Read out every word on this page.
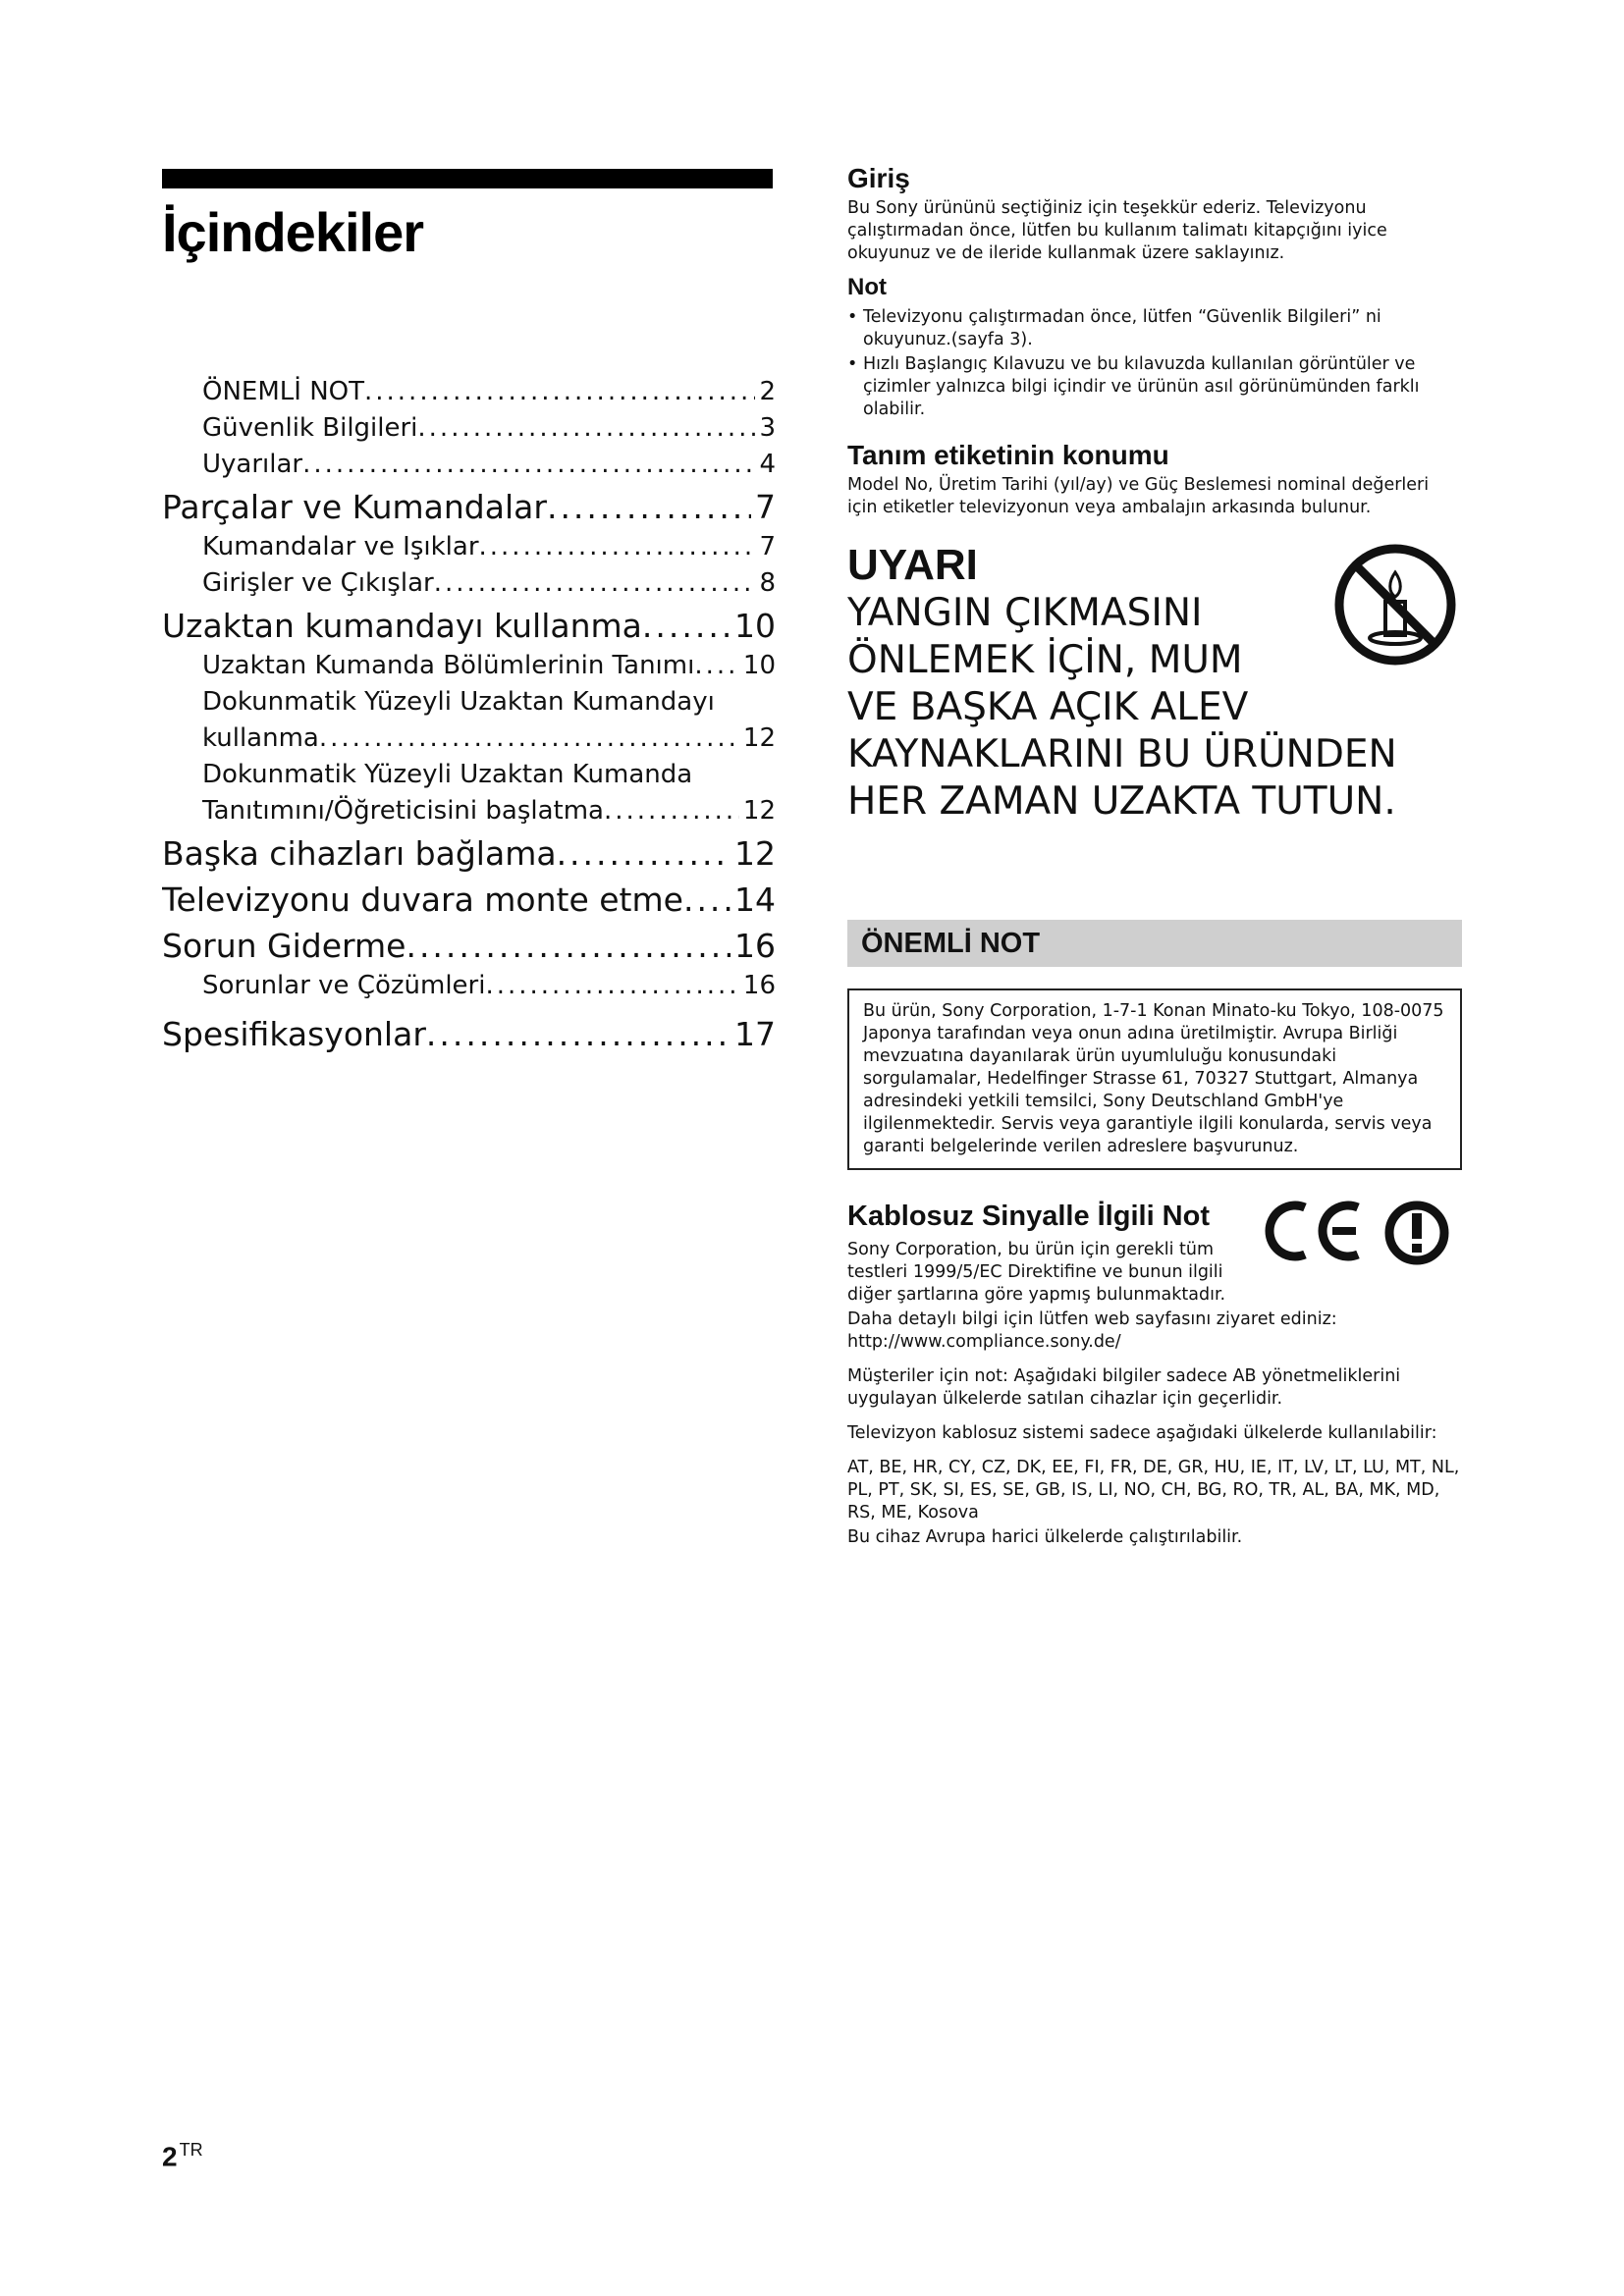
İçindekiler
ÖNEMLİ NOT .....	2
Güvenlik Bilgileri .....	3
Uyarılar .....	4
Parçalar ve Kumandalar .....	7
Kumandalar ve Işıklar .....	7
Girişler ve Çıkışlar .....	8
Uzaktan kumandayı kullanma .....	10
Uzaktan Kumanda Bölümlerinin Tanımı ..... 10
Dokunmatik Yüzeyli Uzaktan Kumandayı
kullanma .....	12
Dokunmatik Yüzeyli Uzaktan Kumanda
Tanıtımını/Öğreticisini başlatma .....	12
Başka cihazları bağlama .....	12
Televizyonu duvara monte etme ..... 14
Sorun Giderme .....	16
Sorunlar ve Çözümleri .....	16
Spesifikasyonlar .....	17
Giriş
Bu Sony ürününü seçtiğiniz için teşekkür ederiz. Televizyonu çalıştırmadan önce, lütfen bu kullanım talimatı kitapçığını iyice okuyunuz ve de ileride kullanmak üzere saklayınız.
Not
• Televizyonu çalıştırmadan önce, lütfen “Güvenlik Bilgileri” ni okuyunuz.(sayfa 3).
• Hızlı Başlangıç Kılavuzu ve bu kılavuzda kullanılan görüntüler ve çizimler yalnızca bilgi içindir ve ürünün asıl görünümünden farklı olabilir.
Tanım etiketinin konumu
Model No, Üretim Tarihi (yıl/ay) ve Güç Beslemesi nominal değerleri için etiketler televizyonun veya ambalajın arkasında bulunur.
UYARI
YANGIN ÇIKMASINI
ÖNLEMEK İÇİN, MUM
VE BAŞKA AÇIK ALEV
KAYNAKLARINI BU ÜRÜNDEN
HER ZAMAN UZAKTA TUTUN.
ÖNEMLİ NOT
Bu ürün, Sony Corporation, 1-7-1 Konan Minato-ku Tokyo, 108-0075 Japonya tarafından veya onun adına üretilmiştir. Avrupa Birliği mevzuatına dayanılarak ürün uyumluluğu konusundaki sorgulamalar, Hedelfinger Strasse 61, 70327 Stuttgart, Almanya adresindeki yetkili temsilci, Sony Deutschland GmbH'ye ilgilenmektedir. Servis veya garantiyle ilgili konularda, servis veya garanti belgelerinde verilen adreslere başvurunuz.
Kablosuz Sinyalle İlgili Not
Sony Corporation, bu ürün için gerekli tüm testleri 1999/5/EC Direktifine ve bunun ilgili diğer şartlarına göre yapmış bulunmaktadır.
Daha detaylı bilgi için lütfen web sayfasını ziyaret ediniz: http://www.compliance.sony.de/
Müşteriler için not: Aşağıdaki bilgiler sadece AB yönetmeliklerini uygulayan ülkelerde satılan cihazlar için geçerlidir.
Televizyon kablosuz sistemi sadece aşağıdaki ülkelerde kullanılabilir:
AT, BE, HR, CY, CZ, DK, EE, FI, FR, DE, GR, HU, IE, IT, LV, LT, LU, MT, NL, PL, PT, SK, SI, ES, SE, GB, IS, LI, NO, CH, BG, RO, TR, AL, BA, MK, MD, RS, ME, Kosova
Bu cihaz Avrupa harici ülkelerde çalıştırılabilir.
2 $^{TR}$
